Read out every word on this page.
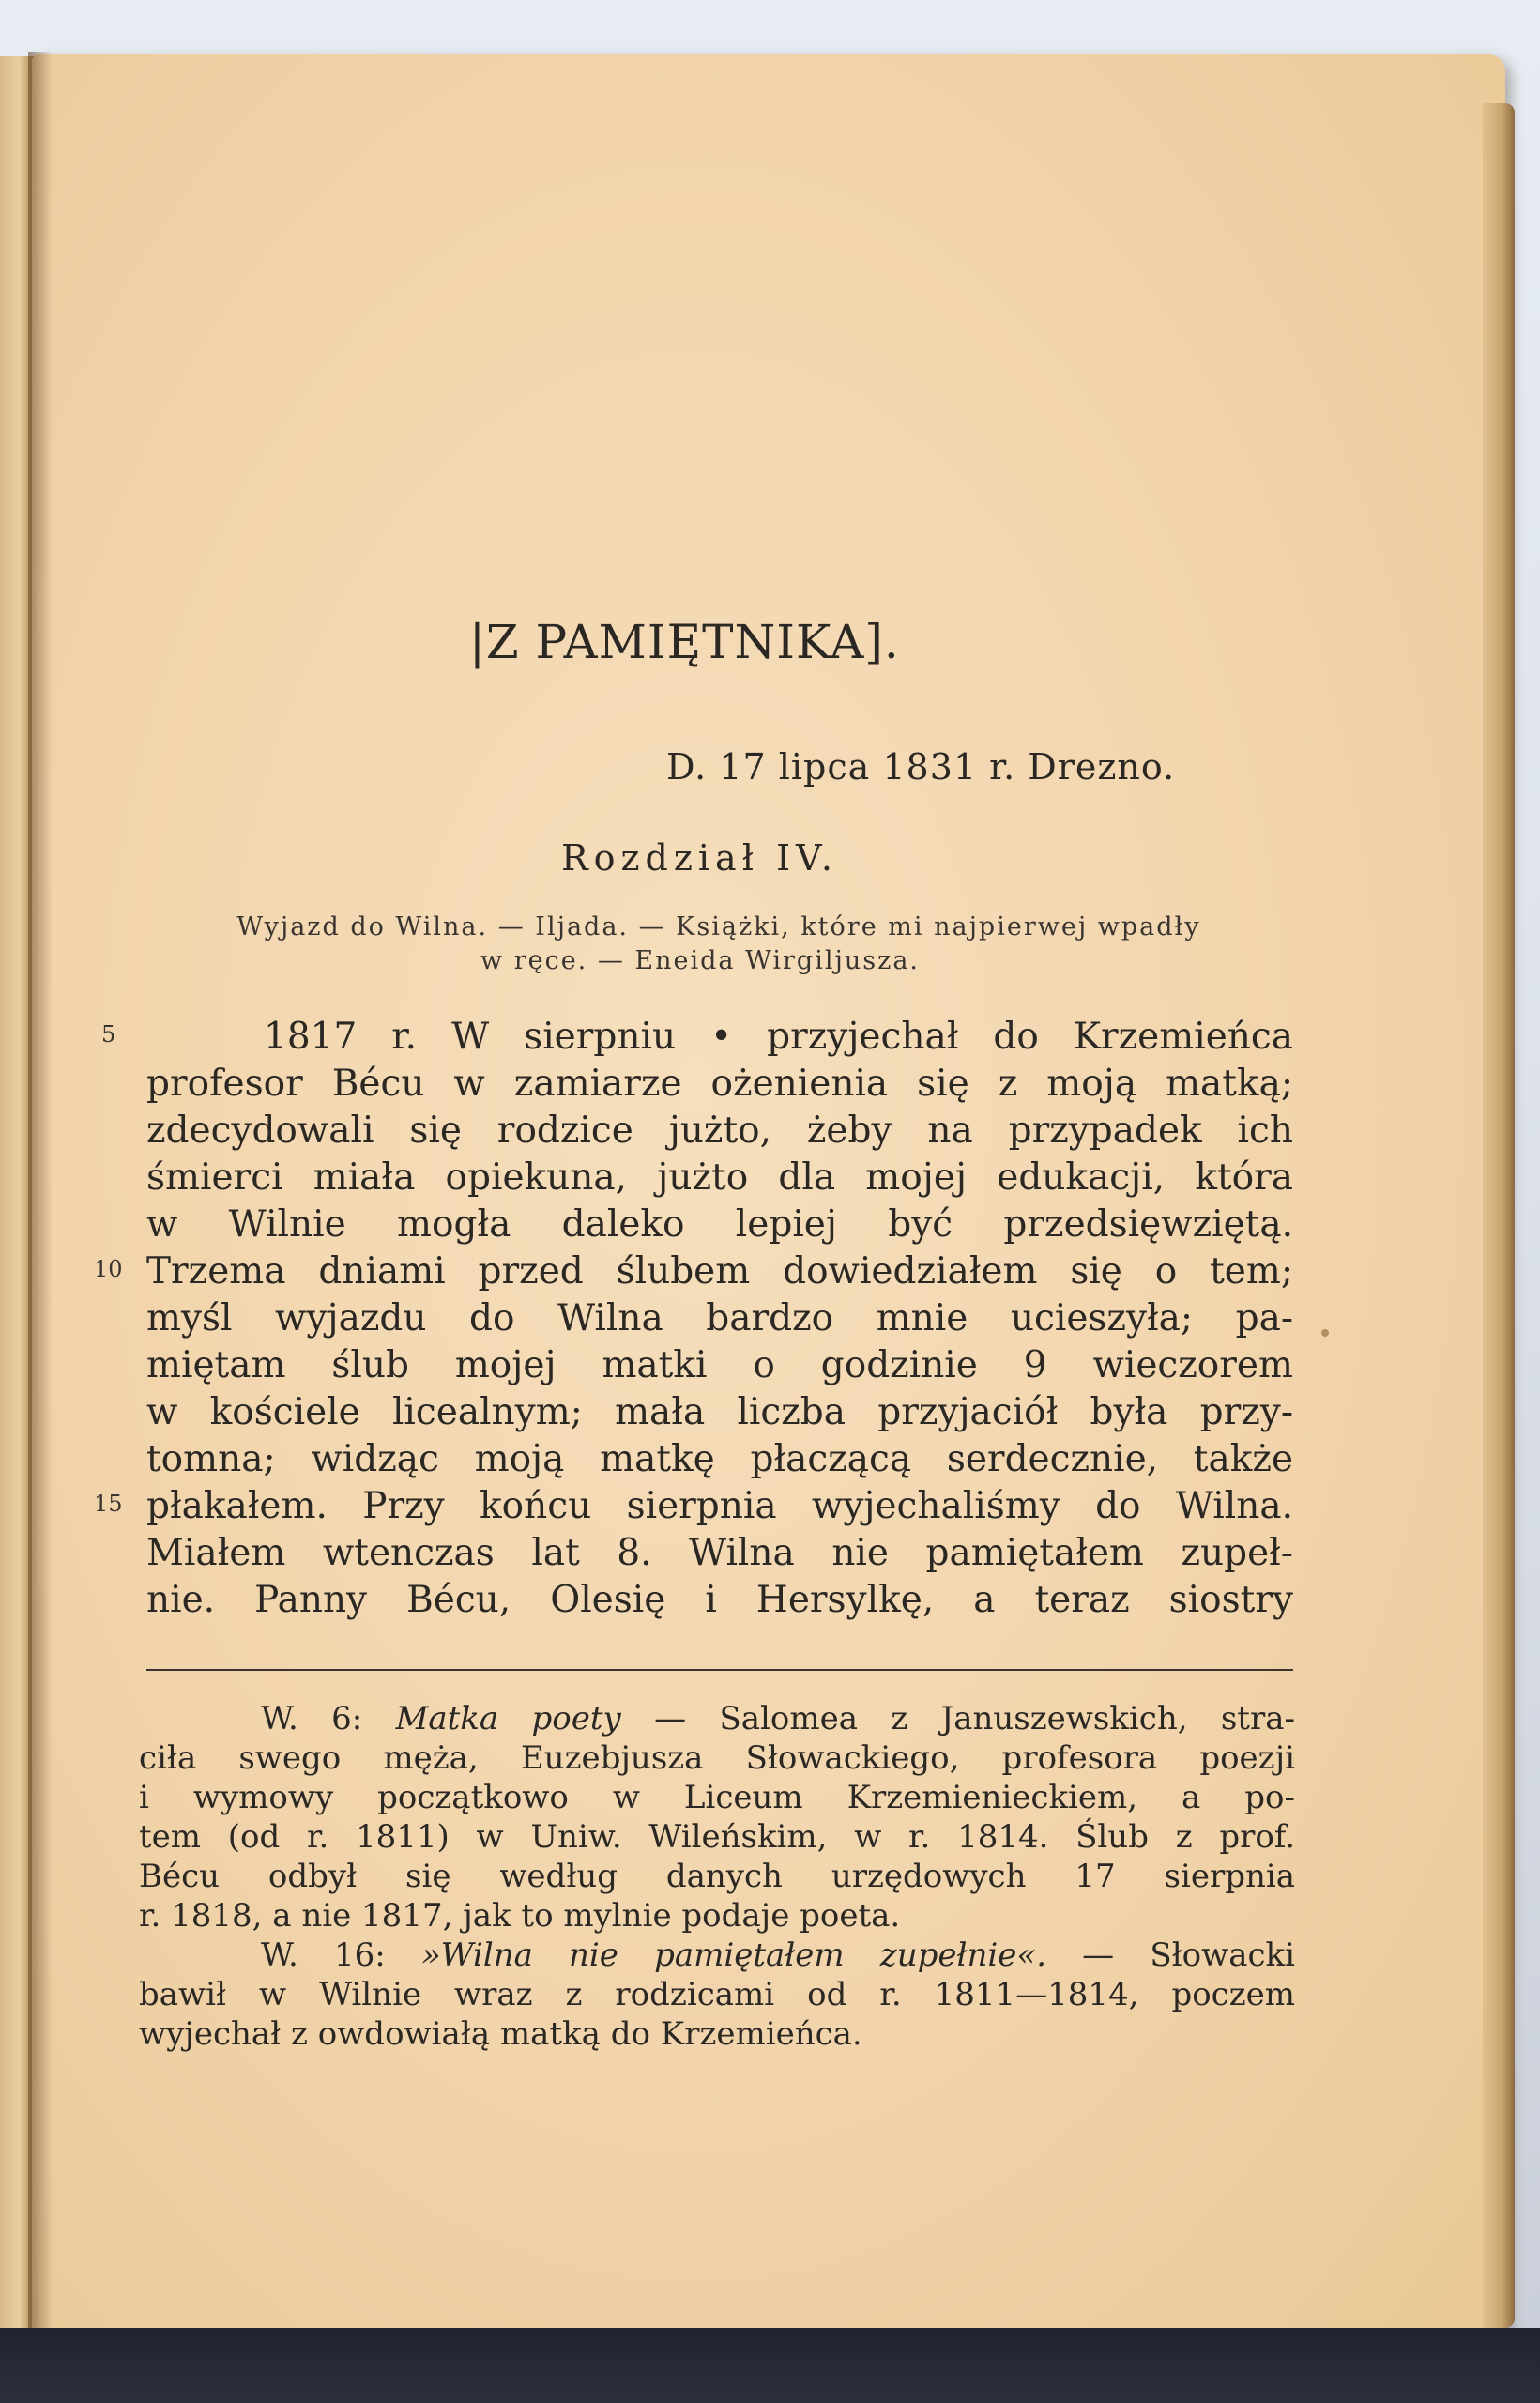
|Z PAMIĘTNIKA].
D. 17 lipca 1831 r. Drezno.
Rozdział IV.
Wyjazd do Wilna. — Iljada. — Książki, które mi najpierwej wpadły
w ręce. — Eneida Wirgiljusza.
5
10
15
1817 r. W sierpniu • przyjechał do Krzemieńca
profesor Bécu w zamiarze ożenienia się z moją matką;
zdecydowali się rodzice jużto, żeby na przypadek ich
śmierci miała opiekuna, jużto dla mojej edukacji, która
w Wilnie mogła daleko lepiej być przedsięwziętą.
Trzema dniami przed ślubem dowiedziałem się o tem;
myśl wyjazdu do Wilna bardzo mnie ucieszyła; pa-
miętam ślub mojej matki o godzinie 9 wieczorem
w kościele licealnym; mała liczba przyjaciół była przy-
tomna; widząc moją matkę płaczącą serdecznie, także
płakałem. Przy końcu sierpnia wyjechaliśmy do Wilna.
Miałem wtenczas lat 8. Wilna nie pamiętałem zupeł-
nie. Panny Bécu, Olesię i Hersylkę, a teraz siostry
W. 6: Matka poety — Salomea z Januszewskich, stra-
ciła swego męża, Euzebjusza Słowackiego, profesora poezji
i wymowy początkowo w Liceum Krzemienieckiem, a po-
tem (od r. 1811) w Uniw. Wileńskim, w r. 1814. Ślub z prof.
Bécu odbył się według danych urzędowych 17 sierpnia
r. 1818, a nie 1817, jak to mylnie podaje poeta.
W. 16: »Wilna nie pamiętałem zupełnie«. — Słowacki
bawił w Wilnie wraz z rodzicami od r. 1811—1814, poczem
wyjechał z owdowiałą matką do Krzemieńca.
